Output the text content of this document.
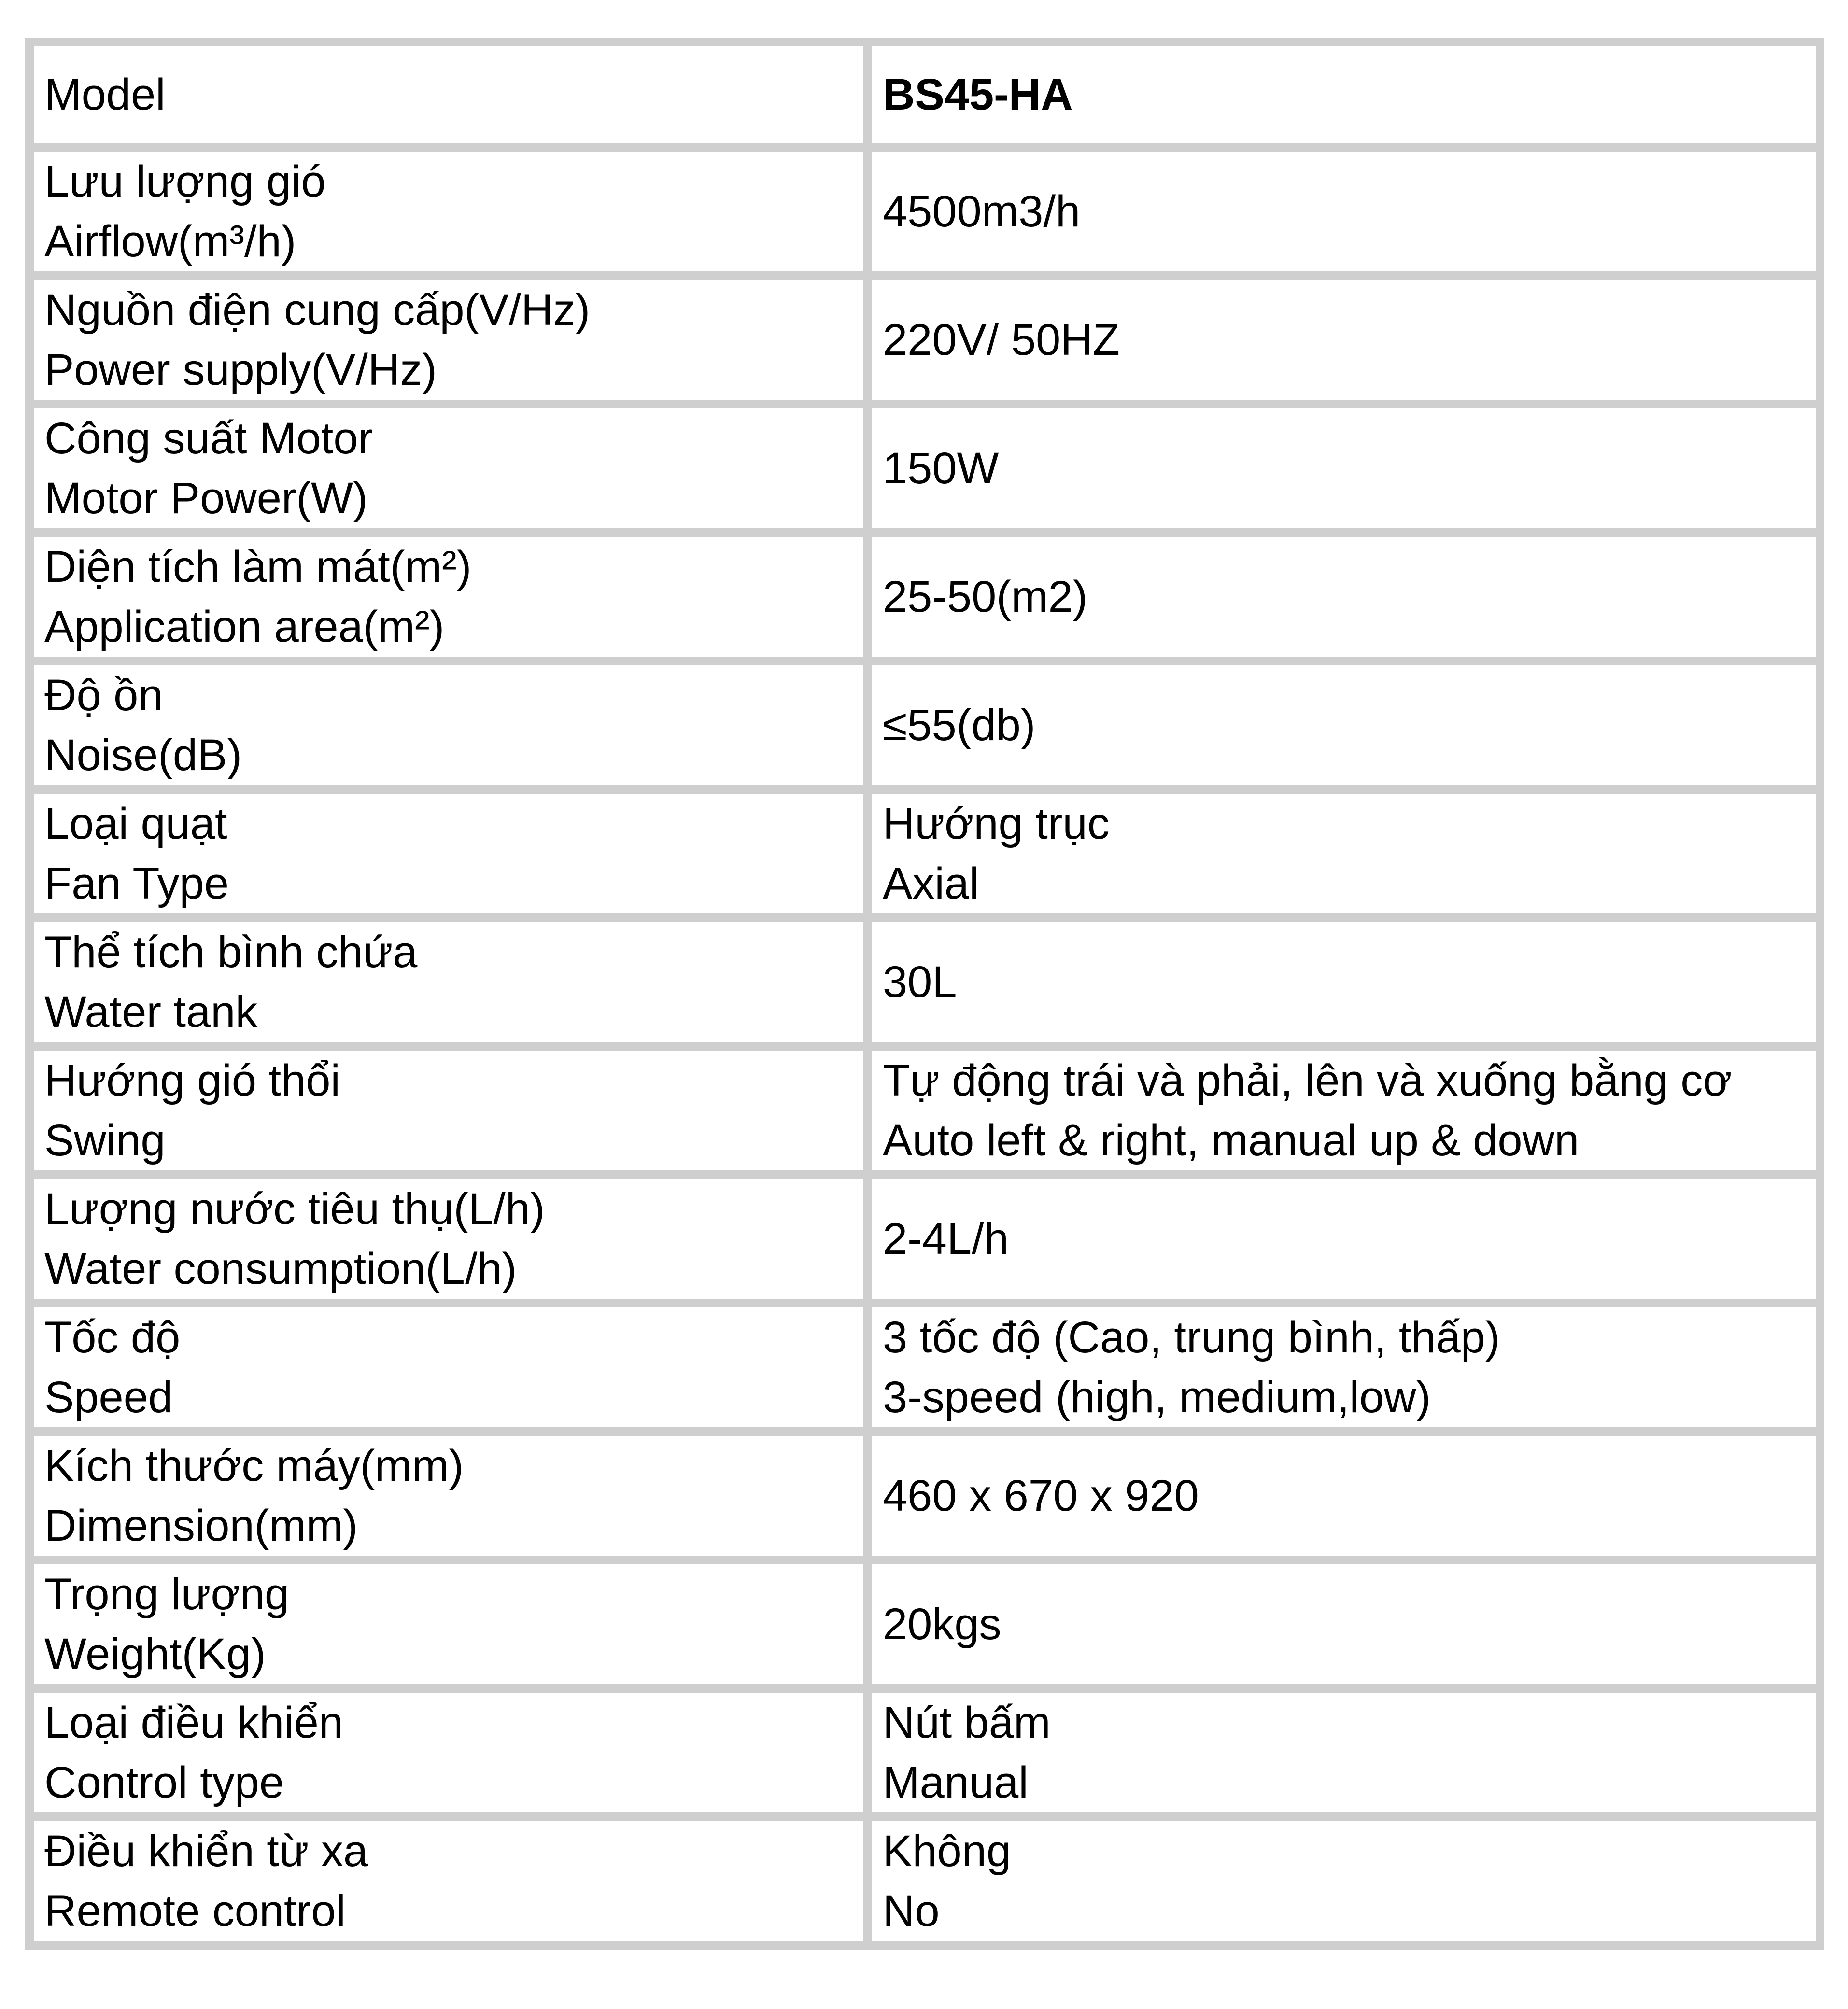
Model	BS45-HA

Lưu lượng gió
Airflow(m³/h)	4500m3/h

Nguồn điện cung cấp(V/Hz)
Power supply(V/Hz)	220V/ 50HZ

Công suất Motor
Motor Power(W)	150W

Diện tích làm mát(m²)
Application area(m²)	25-50(m2)

Độ ồn
Noise(dB)	≤55(db)

Loại quạt
Fan Type	Hướng trục
Axial

Thể tích bình chứa
Water tank	30L

Hướng gió thổi
Swing	Tự động trái và phải, lên và xuống bằng cơ
Auto left & right, manual up & down

Lượng nước tiêu thụ(L/h)
Water consumption(L/h)	2-4L/h

Tốc độ
Speed	3 tốc độ (Cao, trung bình, thấp)
3-speed (high, medium,low)

Kích thước máy(mm)
Dimension(mm)	460 x 670 x 920

Trọng lượng
Weight(Kg)	20kgs

Loại điều khiển
Control type	Nút bấm
Manual

Điều khiển từ xa
Remote control	Không
No
